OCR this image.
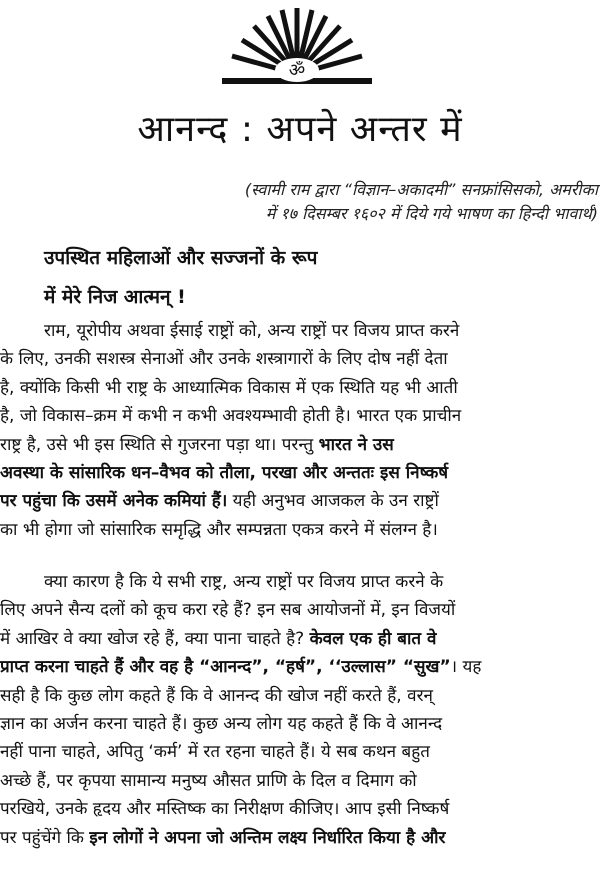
ॐ
आनन्द : अपने अन्तर में
(स्वामी राम द्वारा “विज्ञान–अकादमी” सनफ्रांसिसको, अमरीका
में १७ दिसम्बर १६०२ में दिये गये भाषण का हिन्दी भावार्थ)
उपस्थित महिलाओं और सज्जनों के रूप
में मेरे निज आत्मन् !
राम, यूरोपीय अथवा ईसाई राष्ट्रों को, अन्य राष्ट्रों पर विजय प्राप्त करने
के लिए, उनकी सशस्त्र सेनाओं और उनके शस्त्रागारों के लिए दोष नहीं देता
है, क्योंकि किसी भी राष्ट्र के आध्यात्मिक विकास में एक स्थिति यह भी आती
है, जो विकास–क्रम में कभी न कभी अवश्यम्भावी होती है। भारत एक प्राचीन
राष्ट्र है, उसे भी इस स्थिति से गुजरना पड़ा था। परन्तु भारत ने उस
अवस्था के सांसारिक धन–वैभव को तौला, परखा और अन्ततः इस निष्कर्ष
पर पहुंचा कि उसमें अनेक कमियां हैं। यही अनुभव आजकल के उन राष्ट्रों
का भी होगा जो सांसारिक समृद्धि और सम्पन्नता एकत्र करने में संलग्न है।
क्या कारण है कि ये सभी राष्ट्र, अन्य राष्ट्रों पर विजय प्राप्त करने के
लिए अपने सैन्य दलों को कूच करा रहे हैं? इन सब आयोजनों में, इन विजयों
में आखिर वे क्या खोज रहे हैं, क्या पाना चाहते है? केवल एक ही बात वे
प्राप्त करना चाहते हैं और वह है “आनन्द”, “हर्ष”, ‘‘उल्लास” “सुख”। यह
सही है कि कुछ लोग कहते हैं कि वे आनन्द की खोज नहीं करते हैं, वरन्
ज्ञान का अर्जन करना चाहते हैं। कुछ अन्य लोग यह कहते हैं कि वे आनन्द
नहीं पाना चाहते, अपितु ‘कर्म’ में रत रहना चाहते हैं। ये सब कथन बहुत
अच्छे हैं, पर कृपया सामान्य मनुष्य औसत प्राणि के दिल व दिमाग को
परखिये, उनके हृदय और मस्तिष्क का निरीक्षण कीजिए। आप इसी निष्कर्ष
पर पहुंचेंगे कि इन लोगों ने अपना जो अन्तिम लक्ष्य निर्धारित किया है और
